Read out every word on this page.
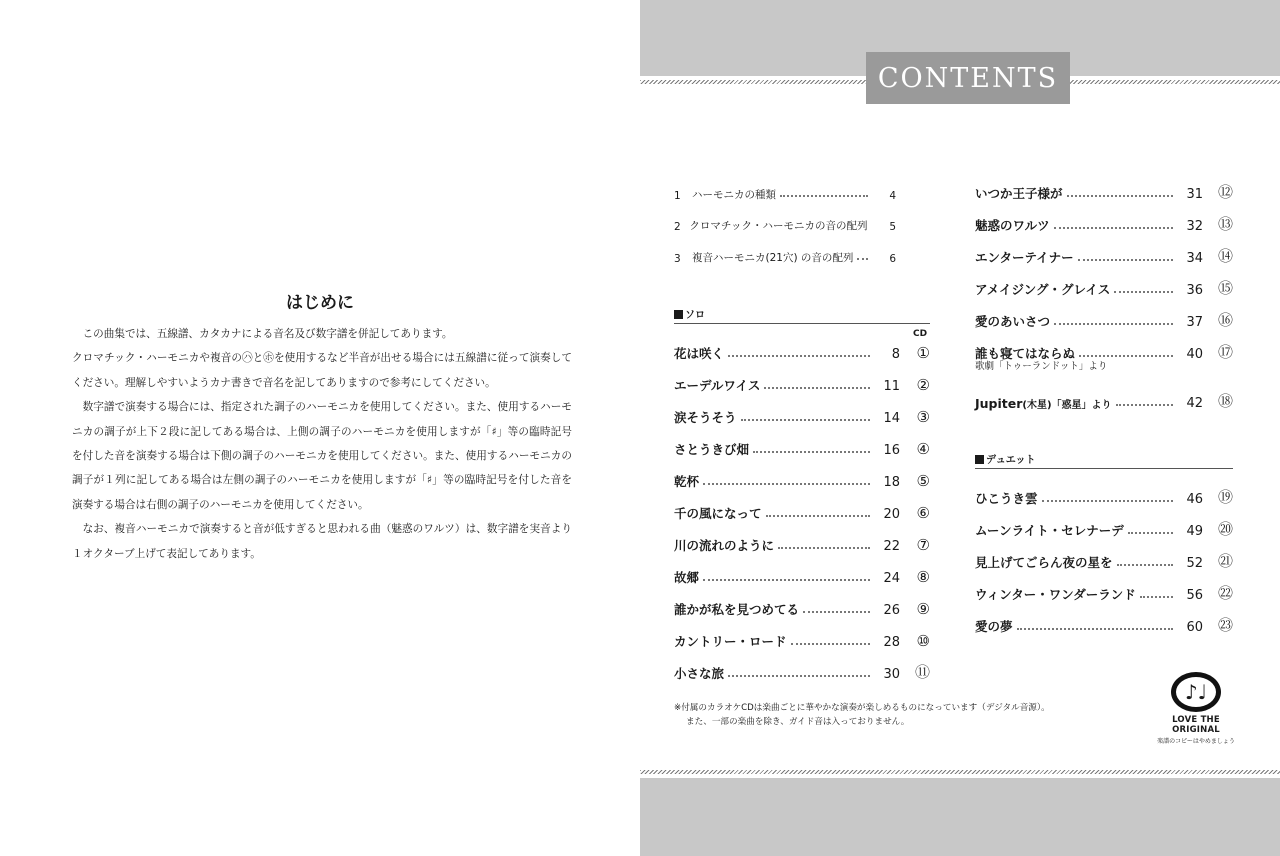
はじめに

この曲集では、五線譜、カタカナによる音名及び数字譜を併記してあります。

クロマチック・ハーモニカや複音の㋩と㋭を使用するなど半音が出せる場合には五線譜に従って演奏してください。理解しやすいようカナ書きで音名を記してありますので参考にしてください。

数字譜で演奏する場合には、指定された調子のハーモニカを使用してください。また、使用するハーモニカの調子が上下２段に記してある場合は、上側の調子のハーモニカを使用しますが「♯」等の臨時記号を付した音を演奏する場合は下側の調子のハーモニカを使用してください。また、使用するハーモニカの調子が１列に記してある場合は左側の調子のハーモニカを使用しますが「♯」等の臨時記号を付した音を演奏する場合は右側の調子のハーモニカを使用してください。

なお、複音ハーモニカで演奏すると音が低すぎると思われる曲（魅惑のワルツ）は、数字譜を実音より１オクターブ上げて表記してあります。

CONTENTS
1	ハーモニカの種類	4
2 クロマチック・ハーモニカの音の配列	5
3	複音ハーモニカ(21穴) の音の配列	6
ソロ
CD
花は咲く	8	①
エーデルワイス	11	②
涙そうそう	14	③
さとうきび畑	16	④
乾杯	18	⑤
千の風になって	20	⑥
川の流れのように	22	⑦
故郷	24	⑧
誰かが私を見つめてる	26	⑨
カントリー・ロード	28	⑩
小さな旅	30 ⑪
いつか王子様が	31 ⑫
魅惑のワルツ	32 ⑬
エンターテイナー	34 ⑭
アメイジング・グレイス	36 ⑮
愛のあいさつ	37 ⑯
誰も寝てはならぬ	40 ⑰
歌劇「トゥーランドット」より
Jupiter(木星)「惑星」より	42 ⑱
デュエット
ひこうき雲	46 ⑲
ムーンライト・セレナーデ	49 ⑳
見上げてごらん夜の星を	52 ㉑
ウィンター・ワンダーランド	56 ㉒
愛の夢	60 ㉓

※付属のカラオケCDは楽曲ごとに華やかな演奏が楽しめるものになっています（デジタル音源）。

また、一部の楽曲を除き、ガイド音は入っておりません。

♪♩
LOVE THE ORIGINAL
楽譜のコピーはやめましょう
